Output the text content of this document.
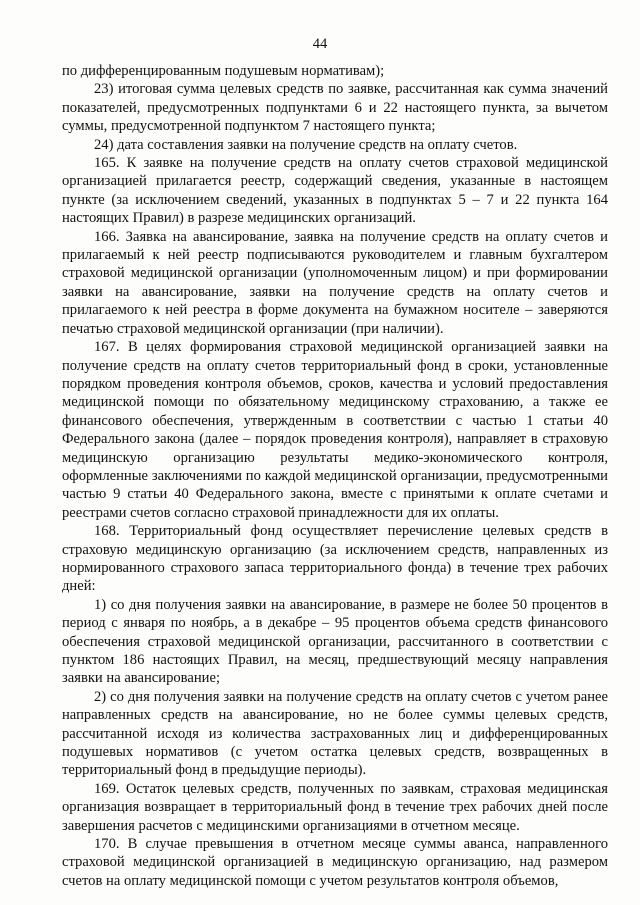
44

по дифференцированным подушевым нормативам);

23) итоговая сумма целевых средств по заявке, рассчитанная как сумма значений показателей, предусмотренных подпунктами 6 и 22 настоящего пункта, за вычетом суммы, предусмотренной подпунктом 7 настоящего пункта;

24) дата составления заявки на получение средств на оплату счетов.

165. К заявке на получение средств на оплату счетов страховой медицинской организацией прилагается реестр, содержащий сведения, указанные в настоящем пункте (за исключением сведений, указанных в подпунктах 5 – 7 и 22 пункта 164 настоящих Правил) в разрезе медицинских организаций.

166. Заявка на авансирование, заявка на получение средств на оплату счетов и прилагаемый к ней реестр подписываются руководителем и главным бухгалтером страховой медицинской организации (уполномоченным лицом) и при формировании заявки на авансирование, заявки на получение средств на оплату счетов и прилагаемого к ней реестра в форме документа на бумажном носителе – заверяются печатью страховой медицинской организации (при наличии).

167. В целях формирования страховой медицинской организацией заявки на получение средств на оплату счетов территориальный фонд в сроки, установленные порядком проведения контроля объемов, сроков, качества и условий предоставления медицинской помощи по обязательному медицинскому страхованию, а также ее финансового обеспечения, утвержденным в соответствии с частью 1 статьи 40 Федерального закона (далее – порядок проведения контроля), направляет в страховую медицинскую организацию результаты медико-экономического контроля, оформленные заключениями по каждой медицинской организации, предусмотренными частью 9 статьи 40 Федерального закона, вместе с принятыми к оплате счетами и реестрами счетов согласно страховой принадлежности для их оплаты.

168. Территориальный фонд осуществляет перечисление целевых средств в страховую медицинскую организацию (за исключением средств, направленных из нормированного страхового запаса территориального фонда) в течение трех рабочих дней:

1) со дня получения заявки на авансирование, в размере не более 50 процентов в период с января по ноябрь, а в декабре – 95 процентов объема средств финансового обеспечения страховой медицинской организации, рассчитанного в соответствии с пунктом 186 настоящих Правил, на месяц, предшествующий месяцу направления заявки на авансирование;

2) со дня получения заявки на получение средств на оплату счетов с учетом ранее направленных средств на авансирование, но не более суммы целевых средств, рассчитанной исходя из количества застрахованных лиц и дифференцированных подушевых нормативов (с учетом остатка целевых средств, возвращенных в территориальный фонд в предыдущие периоды).

169. Остаток целевых средств, полученных по заявкам, страховая медицинская организация возвращает в территориальный фонд в течение трех рабочих дней после завершения расчетов с медицинскими организациями в отчетном месяце.

170. В случае превышения в отчетном месяце суммы аванса, направленного страховой медицинской организацией в медицинскую организацию, над размером счетов на оплату медицинской помощи с учетом результатов контроля объемов,
